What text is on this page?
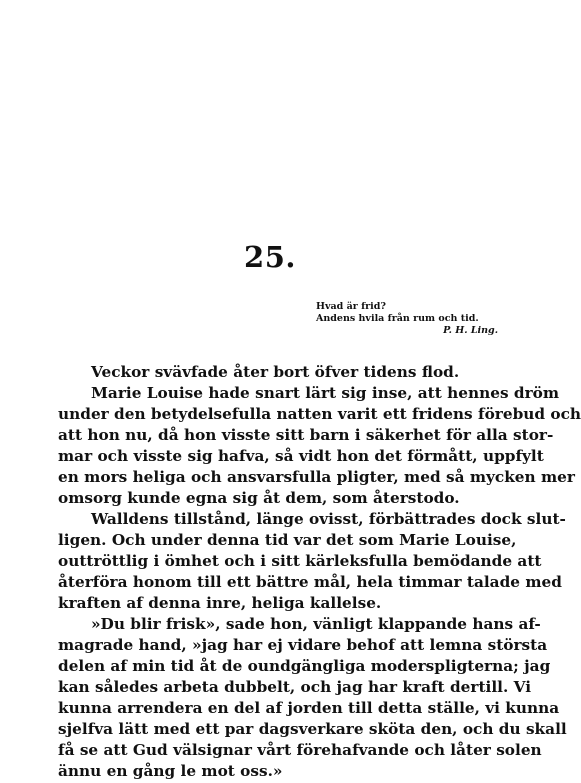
25.
Hvad är frid?
Andens hvila från rum och tid.
P. H. Ling.
Veckor svävfade åter bort öfver tidens flod.
Marie Louise hade snart lärt sig inse, att hennes dröm
under den betydelsefulla natten varit ett fridens förebud och
att hon nu, då hon visste sitt barn i säkerhet för alla stor-
mar och visste sig hafva, så vidt hon det förmått, uppfylt
en mors heliga och ansvarsfulla pligter, med så mycken mer
omsorg kunde egna sig åt dem, som återstodo.
Walldens tillstånd, länge ovisst, förbättrades dock slut-
ligen. Och under denna tid var det som Marie Louise,
outtröttlig i ömhet och i sitt kärleksfulla bemödande att
återföra honom till ett bättre mål, hela timmar talade med
kraften af denna inre, heliga kallelse.
»Du blir frisk», sade hon, vänligt klappande hans af-
magrade hand, »jag har ej vidare behof att lemna största
delen af min tid åt de oundgängliga moderspligterna; jag
kan således arbeta dubbelt, och jag har kraft dertill. Vi
kunna arrendera en del af jorden till detta ställe, vi kunna
sjelfva lätt med ett par dagsverkare sköta den, och du skall
få se att Gud välsignar vårt förehafvande och låter solen
ännu en gång le mot oss.»
